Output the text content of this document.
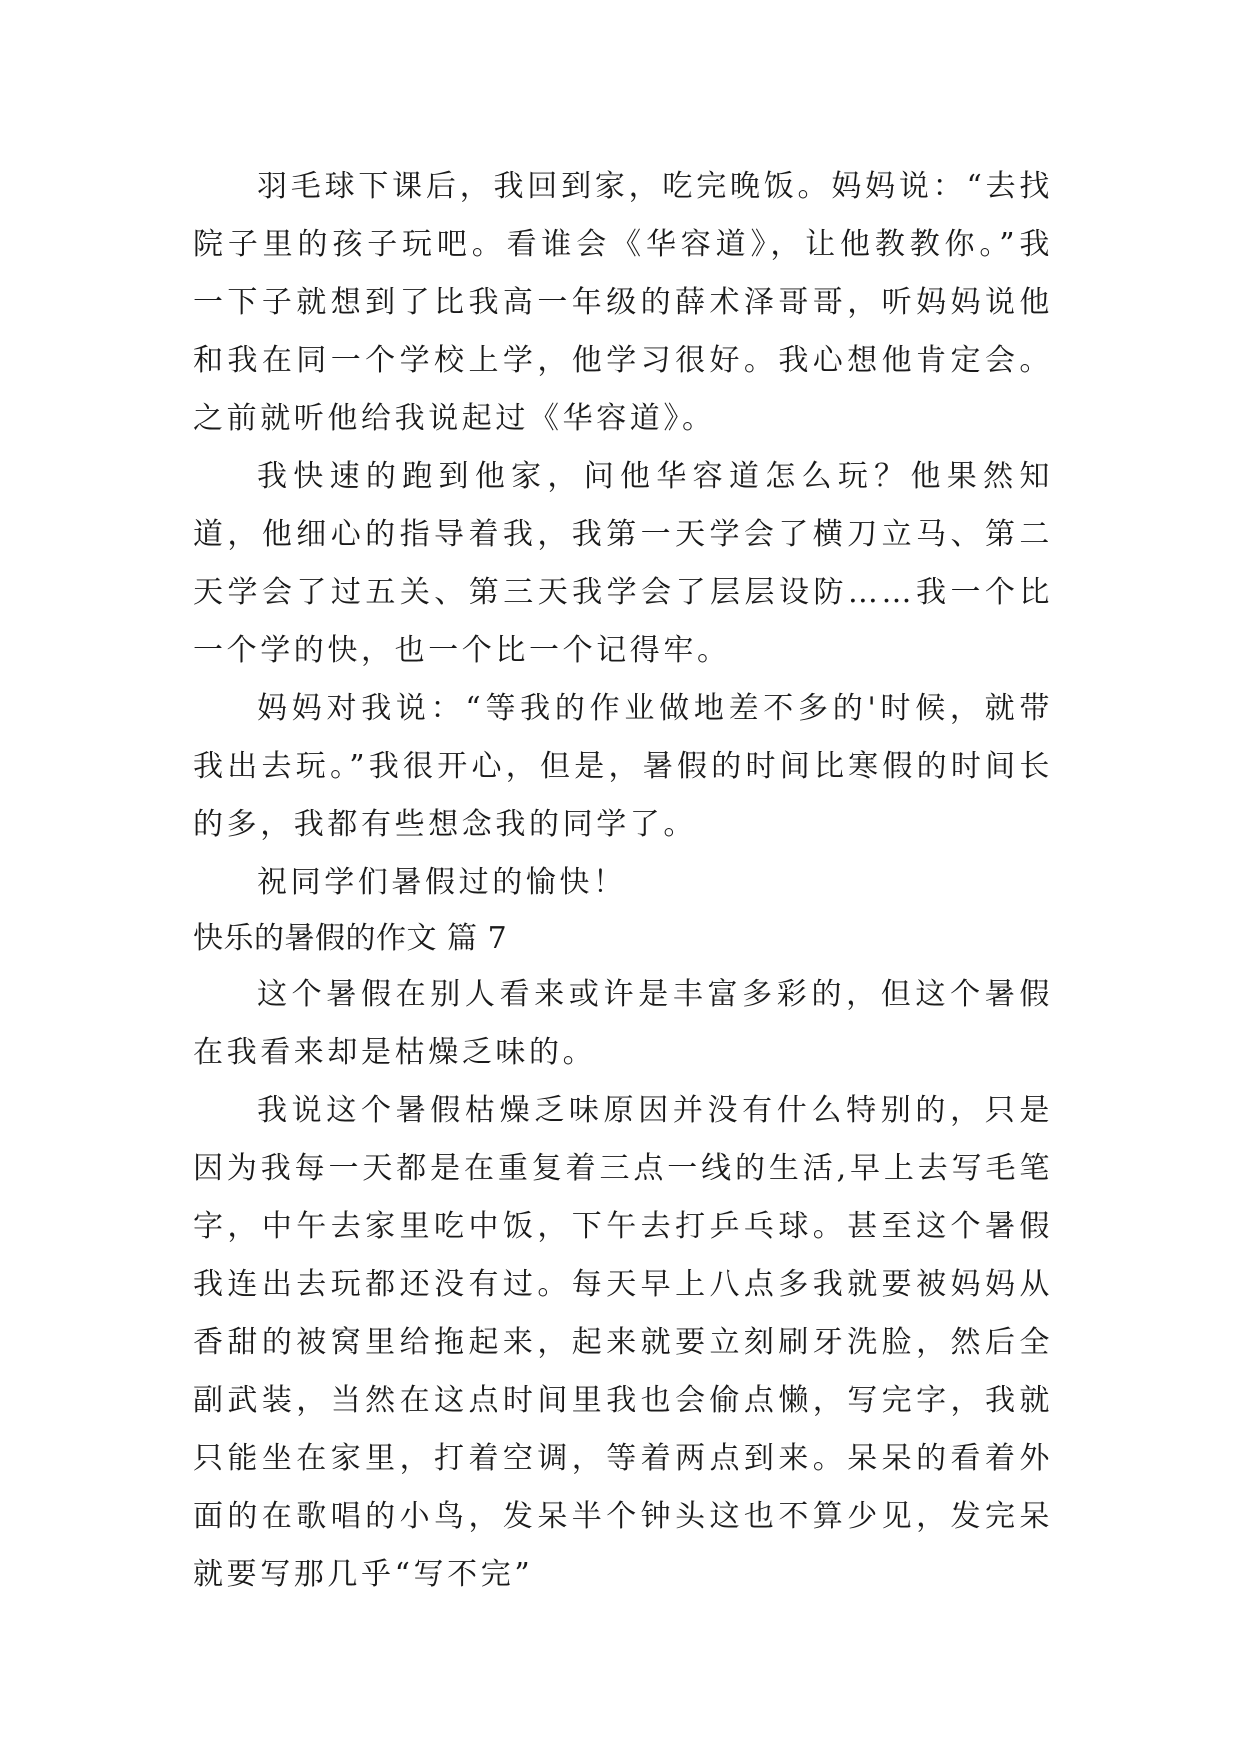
羽毛球下课后，我回到家，吃完晚饭。妈妈说：“去找院子里的孩子玩吧。看谁会《华容道》，让他教教你。”我一下子就想到了比我高一年级的薛术泽哥哥，听妈妈说他和我在同一个学校上学，他学习很好。我心想他肯定会。之前就听他给我说起过《华容道》。

我快速的跑到他家，问他华容道怎么玩？他果然知道，他细心的指导着我，我第一天学会了横刀立马、第二天学会了过五关、第三天我学会了层层设防……我一个比一个学的快，也一个比一个记得牢。

妈妈对我说：“等我的作业做地差不多的'时候，就带我出去玩。”我很开心，但是，暑假的时间比寒假的时间长的多，我都有些想念我的同学了。

祝同学们暑假过的愉快！

快乐的暑假的作文 篇 7

这个暑假在别人看来或许是丰富多彩的，但这个暑假在我看来却是枯燥乏味的。

我说这个暑假枯燥乏味原因并没有什么特别的，只是因为我每一天都是在重复着三点一线的生活,早上去写毛笔字，中午去家里吃中饭，下午去打乒乓球。甚至这个暑假我连出去玩都还没有过。每天早上八点多我就要被妈妈从香甜的被窝里给拖起来，起来就要立刻刷牙洗脸，然后全副武装，当然在这点时间里我也会偷点懒，写完字，我就只能坐在家里，打着空调，等着两点到来。呆呆的看着外面的在歌唱的小鸟，发呆半个钟头这也不算少见，发完呆就要写那几乎“写不完”
